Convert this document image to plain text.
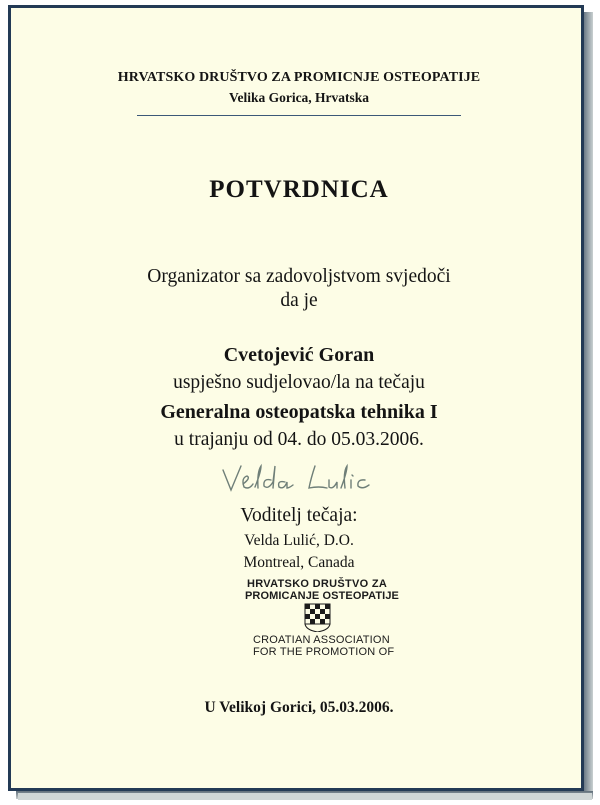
HRVATSKO DRUŠTVO ZA PROMICNJE OSTEOPATIJE
Velika Gorica, Hrvatska
POTVRDNICA
Organizator sa zadovoljstvom svjedoči
da je
Cvetojević Goran
uspješno sudjelovao/la na tečaju
Generalna osteopatska tehnika I
u trajanju od 04. do 05.03.2006.
Voditelj tečaja:
Velda Lulić, D.O.
Montreal, Canada
HRVATSKO DRUŠTVO ZA
PROMICANJE OSTEOPATIJE
CROATIAN ASSOCIATION
FOR THE PROMOTION OF
U Velikoj Gorici, 05.03.2006.
